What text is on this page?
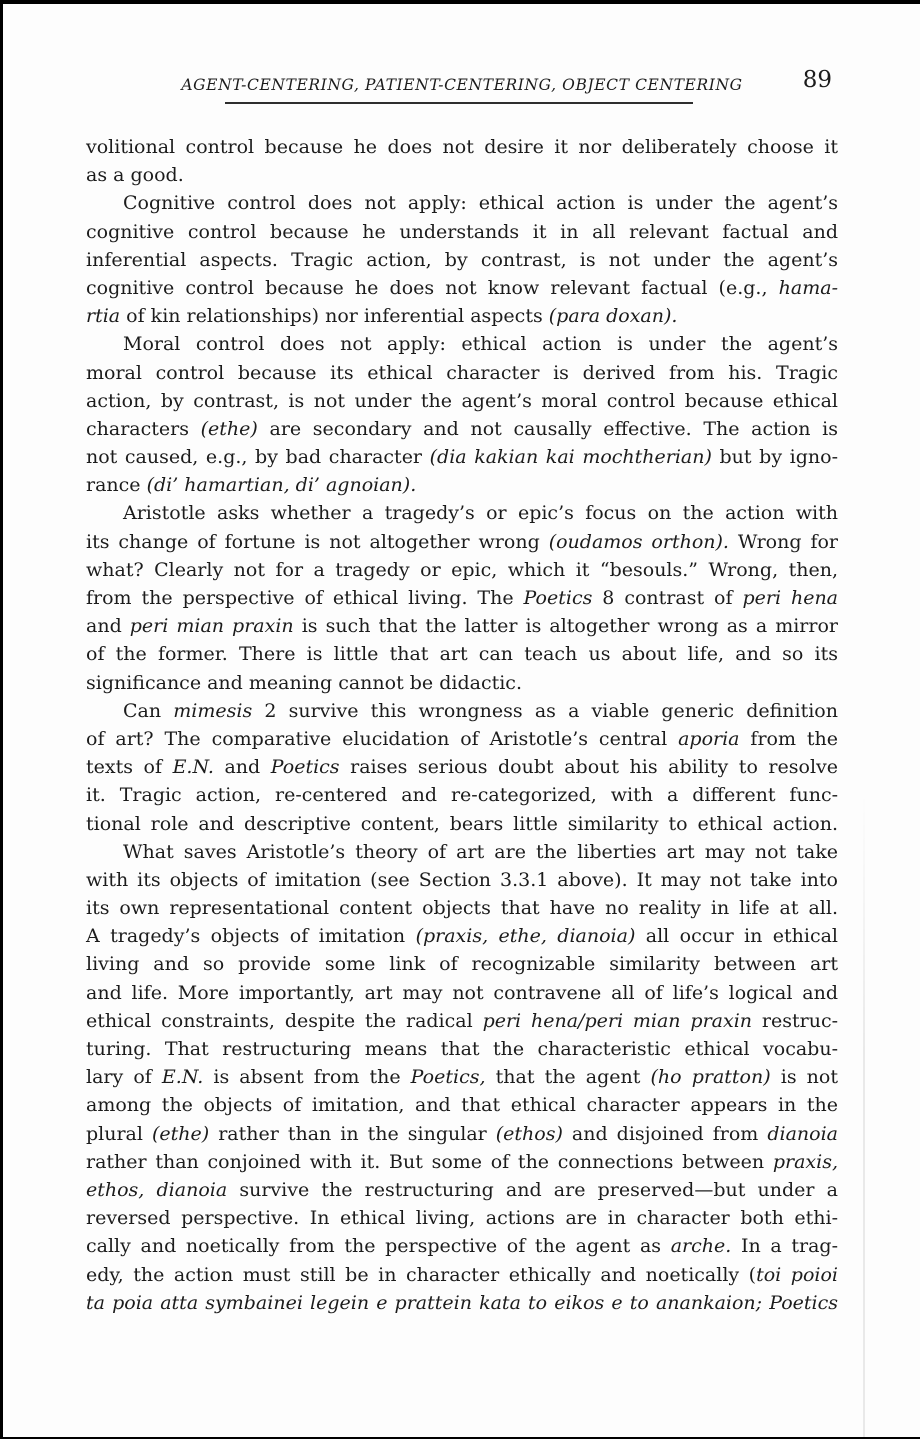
AGENT-CENTERING, PATIENT-CENTERING, OBJECT CENTERING	89
volitional control because he does not desire it nor deliberately choose it
as a good.
Cognitive control does not apply: ethical action is under the agent’s
cognitive control because he understands it in all relevant factual and
inferential aspects. Tragic action, by contrast, is not under the agent’s
cognitive control because he does not know relevant factual (e.g., hama-
rtia of kin relationships) nor inferential aspects (para doxan).
Moral control does not apply: ethical action is under the agent’s
moral control because its ethical character is derived from his. Tragic
action, by contrast, is not under the agent’s moral control because ethical
characters (ethe) are secondary and not causally effective. The action is
not caused, e.g., by bad character (dia kakian kai mochtherian) but by igno-
rance (di’ hamartian, di’ agnoian).
Aristotle asks whether a tragedy’s or epic’s focus on the action with
its change of fortune is not altogether wrong (oudamos orthon). Wrong for
what? Clearly not for a tragedy or epic, which it “besouls.” Wrong, then,
from the perspective of ethical living. The Poetics 8 contrast of peri hena
and peri mian praxin is such that the latter is altogether wrong as a mirror
of the former. There is little that art can teach us about life, and so its
significance and meaning cannot be didactic.
Can mimesis 2 survive this wrongness as a viable generic definition
of art? The comparative elucidation of Aristotle’s central aporia from the
texts of E.N. and Poetics raises serious doubt about his ability to resolve
it. Tragic action, re-centered and re-categorized, with a different func-
tional role and descriptive content, bears little similarity to ethical action.
What saves Aristotle’s theory of art are the liberties art may not take
with its objects of imitation (see Section 3.3.1 above). It may not take into
its own representational content objects that have no reality in life at all.
A tragedy’s objects of imitation (praxis, ethe, dianoia) all occur in ethical
living and so provide some link of recognizable similarity between art
and life. More importantly, art may not contravene all of life’s logical and
ethical constraints, despite the radical peri hena/peri mian praxin restruc-
turing. That restructuring means that the characteristic ethical vocabu-
lary of E.N. is absent from the Poetics, that the agent (ho pratton) is not
among the objects of imitation, and that ethical character appears in the
plural (ethe) rather than in the singular (ethos) and disjoined from dianoia
rather than conjoined with it. But some of the connections between praxis,
ethos, dianoia survive the restructuring and are preserved—but under a
reversed perspective. In ethical living, actions are in character both ethi-
cally and noetically from the perspective of the agent as arche. In a trag-
edy, the action must still be in character ethically and noetically (toi poioi
ta poia atta symbainei legein e prattein kata to eikos e to anankaion; Poetics
